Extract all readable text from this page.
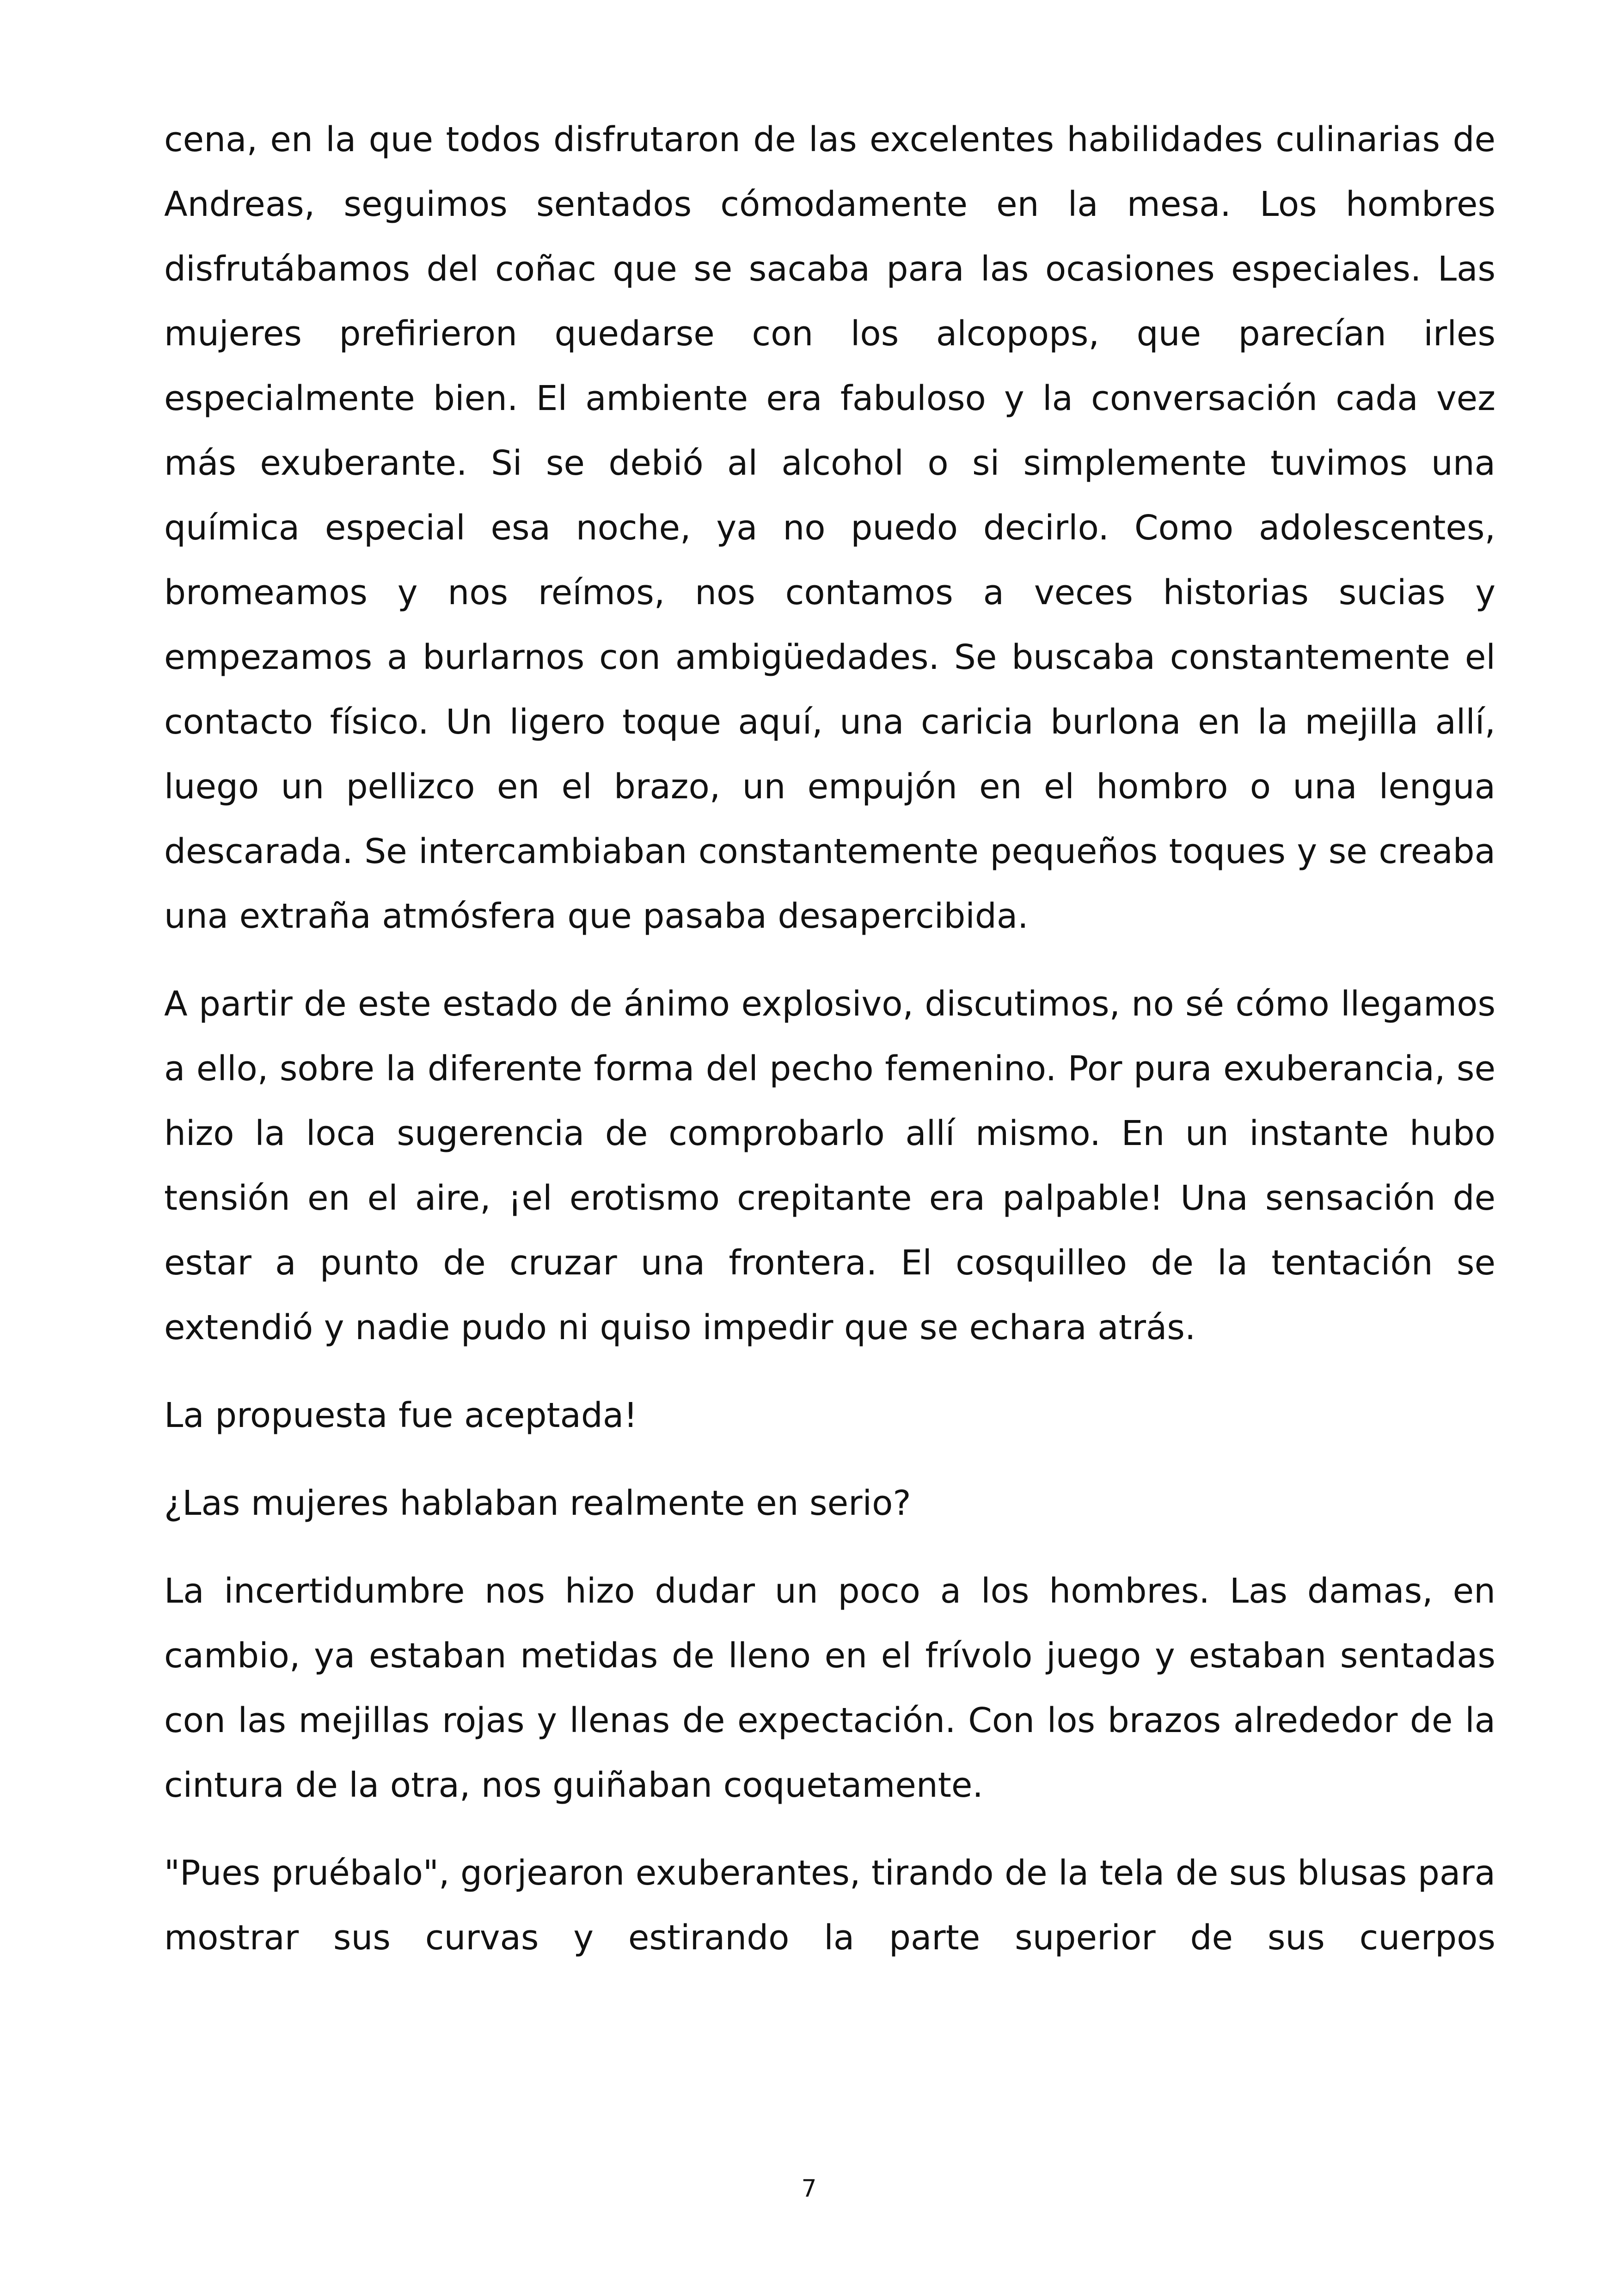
cena, en la que todos disfrutaron de las excelentes habilidades culinarias de Andreas, seguimos sentados cómodamente en la mesa. Los hombres disfrutábamos del coñac que se sacaba para las ocasiones especiales. Las mujeres prefirieron quedarse con los alcopops, que parecían irles especialmente bien. El ambiente era fabuloso y la conversación cada vez más exuberante. Si se debió al alcohol o si simplemente tuvimos una química especial esa noche, ya no puedo decirlo. Como adolescentes, bromeamos y nos reímos, nos contamos a veces historias sucias y empezamos a burlarnos con ambigüedades. Se buscaba constantemente el contacto físico. Un ligero toque aquí, una caricia burlona en la mejilla allí, luego un pellizco en el brazo, un empujón en el hombro o una lengua descarada. Se intercambiaban constantemente pequeños toques y se creaba una extraña atmósfera que pasaba desapercibida.

A partir de este estado de ánimo explosivo, discutimos, no sé cómo llegamos a ello, sobre la diferente forma del pecho femenino. Por pura exuberancia, se hizo la loca sugerencia de comprobarlo allí mismo. En un instante hubo tensión en el aire, ¡el erotismo crepitante era palpable! Una sensación de estar a punto de cruzar una frontera. El cosquilleo de la tentación se extendió y nadie pudo ni quiso impedir que se echara atrás.

La propuesta fue aceptada!

¿Las mujeres hablaban realmente en serio?

La incertidumbre nos hizo dudar un poco a los hombres. Las damas, en cambio, ya estaban metidas de lleno en el frívolo juego y estaban sentadas con las mejillas rojas y llenas de expectación. Con los brazos alrededor de la cintura de la otra, nos guiñaban coquetamente.

"Pues pruébalo", gorjearon exuberantes, tirando de la tela de sus blusas para mostrar sus curvas y estirando la parte superior de sus cuerpos

7
